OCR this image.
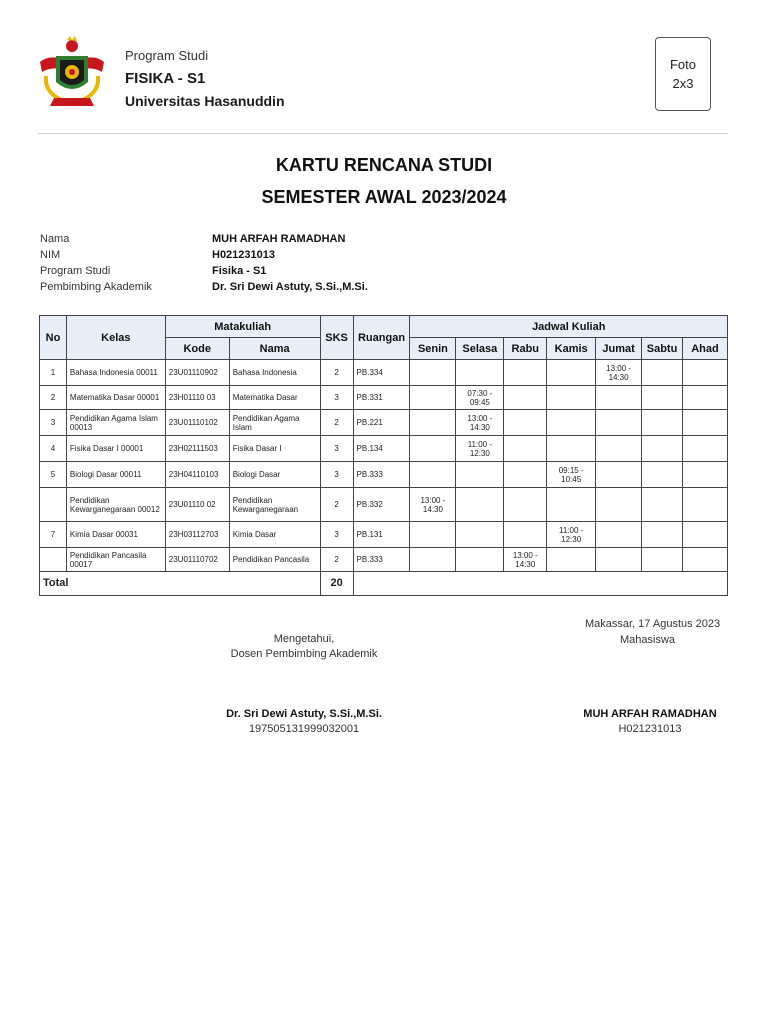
Program Studi
FISIKA - S1
Universitas Hasanuddin
Foto
2x3
KARTU RENCANA STUDI
SEMESTER AWAL 2023/2024
Nama	MUH ARFAH RAMADHAN
NIM	H021231013
Program Studi	Fisika - S1
Pembimbing Akademik	Dr. Sri Dewi Astuty, S.Si.,M.Si.
No	Kelas	Matakuliah		SKS	Ruangan	Jadwal Kuliah						
		Kode	Nama			Senin	Selasa	Rabu	Kamis	Jumat	Sabtu	Ahad
1	Bahasa Indonesia 00011	23U01110902	Bahasa Indonesia	2	PB.334					13:00 - 14:30		
2	Matematika Dasar 00001	23H01110 03	Matematika Dasar	3	PB.331		07:30 - 09:45					
3	Pendidikan Agama Islam 00013	23U01110102	Pendidikan Agama Islam	2	PB.221		13:00 - 14:30					
4	Fisika Dasar I 00001	23H02111503	Fisika Dasar I	3	PB.134		11:00 - 12:30					
5	Biologi Dasar 00011	23H04110103	Biologi Dasar	3	PB.333				09:15 - 10:45			
	Pendidikan Kewarganegaraan 00012	23U01110 02	Pendidikan Kewarganegaraan	2	PB.332	13:00 - 14:30						
7	Kimia Dasar 00031	23H03112703	Kimia Dasar	3	PB.131				11:00 - 12:30			
	Pendidikan Pancasila 00017	23U01110702	Pendidikan Pancasila	2	PB.333			13:00 - 14:30				
Total				20								
Makassar, 17 Agustus 2023
Mahasiswa
Mengetahui,
Dosen Pembimbing Akademik
Dr. Sri Dewi Astuty, S.Si.,M.Si.
197505131999032001
MUH ARFAH RAMADHAN
H021231013
